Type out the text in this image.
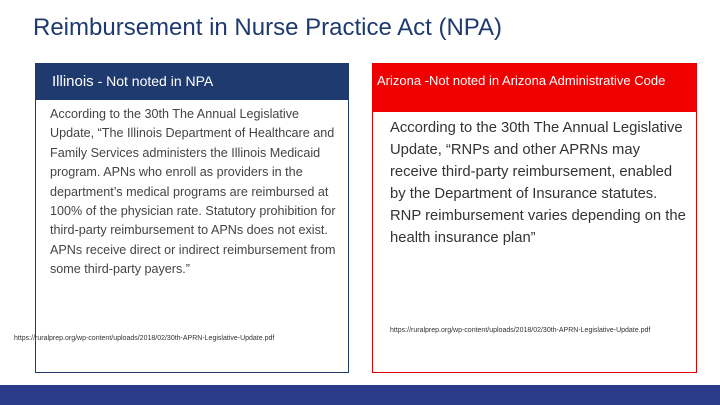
Reimbursement in Nurse Practice Act (NPA)
Illinois - Not noted in NPA
According to the 30th The Annual Legislative Update, “The Illinois Department of Healthcare and Family Services administers the Illinois Medicaid program. APNs who enroll as providers in the department’s medical programs are reimbursed at 100% of the physician rate. Statutory prohibition for third-party reimbursement to APNs does not exist. APNs receive direct or indirect reimbursement from some third-party payers.”
https://ruralprep.org/wp-content/uploads/2018/02/30th-APRN-Legislative-Update.pdf
Arizona -Not noted in Arizona Administrative Code
According to the 30th The Annual Legislative Update, “RNPs and other APRNs may receive third-party reimbursement, enabled by the Department of Insurance statutes. RNP reimbursement varies depending on the health insurance plan”
https://ruralprep.org/wp-content/uploads/2018/02/30th-APRN-Legislative-Update.pdf
